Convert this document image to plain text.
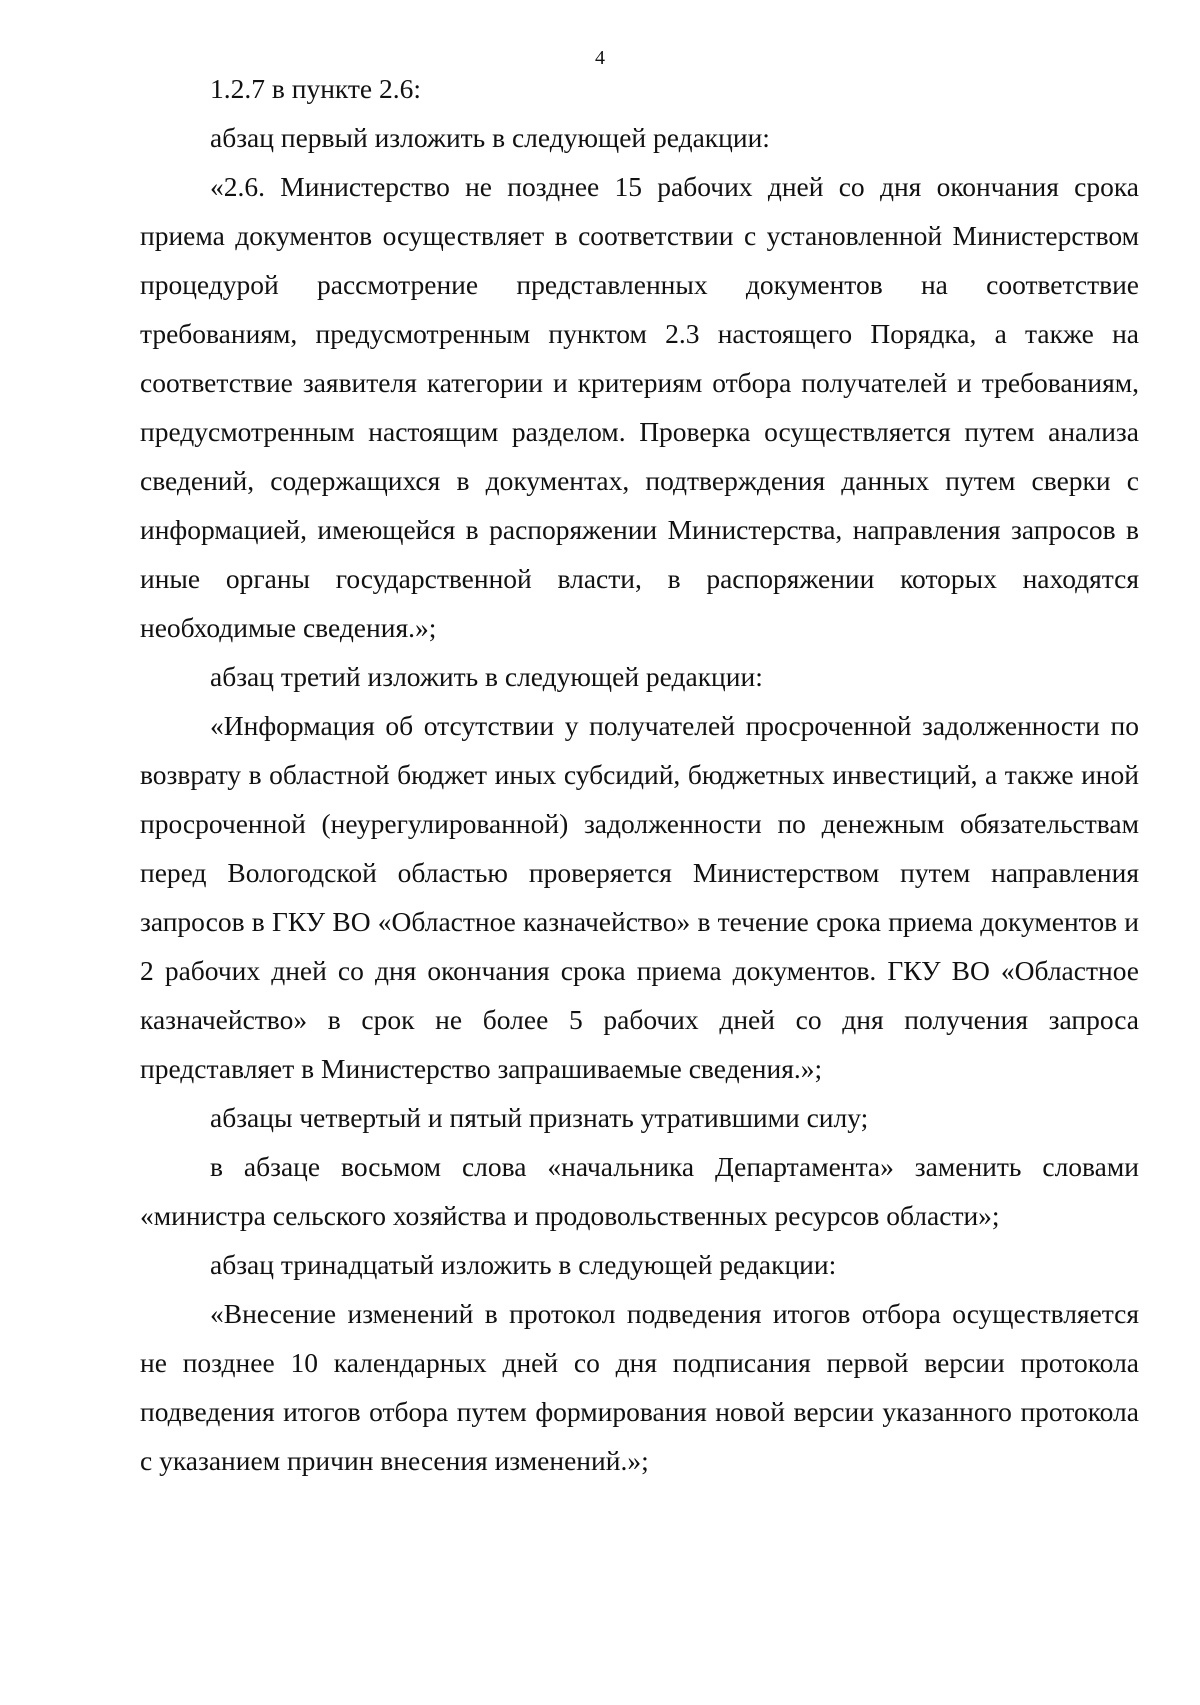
4

1.2.7 в пункте 2.6:

абзац первый изложить в следующей редакции:

«2.6. Министерство не позднее 15 рабочих дней со дня окончания срока приема документов осуществляет в соответствии с установленной Министерством процедурой рассмотрение представленных документов на соответствие требованиям, предусмотренным пунктом 2.3 настоящего Порядка, а также на соответствие заявителя категории и критериям отбора получателей и требованиям, предусмотренным настоящим разделом. Проверка осуществляется путем анализа сведений, содержащихся в документах, подтверждения данных путем сверки с информацией, имеющейся в распоряжении Министерства, направления запросов в иные органы государственной власти, в распоряжении которых находятся необходимые сведения.»;

абзац третий изложить в следующей редакции:

«Информация об отсутствии у получателей просроченной задолженности по возврату в областной бюджет иных субсидий, бюджетных инвестиций, а также иной просроченной (неурегулированной) задолженности по денежным обязательствам перед Вологодской областью проверяется Министерством путем направления запросов в ГКУ ВО «Областное казначейство» в течение срока приема документов и 2 рабочих дней со дня окончания срока приема документов. ГКУ ВО «Областное казначейство» в срок не более 5 рабочих дней со дня получения запроса представляет в Министерство запрашиваемые сведения.»;

абзацы четвертый и пятый признать утратившими силу;

в абзаце восьмом слова «начальника Департамента» заменить словами «министра сельского хозяйства и продовольственных ресурсов области»;

абзац тринадцатый изложить в следующей редакции:

«Внесение изменений в протокол подведения итогов отбора осуществляется не позднее 10 календарных дней со дня подписания первой версии протокола подведения итогов отбора путем формирования новой версии указанного протокола с указанием причин внесения изменений.»;
